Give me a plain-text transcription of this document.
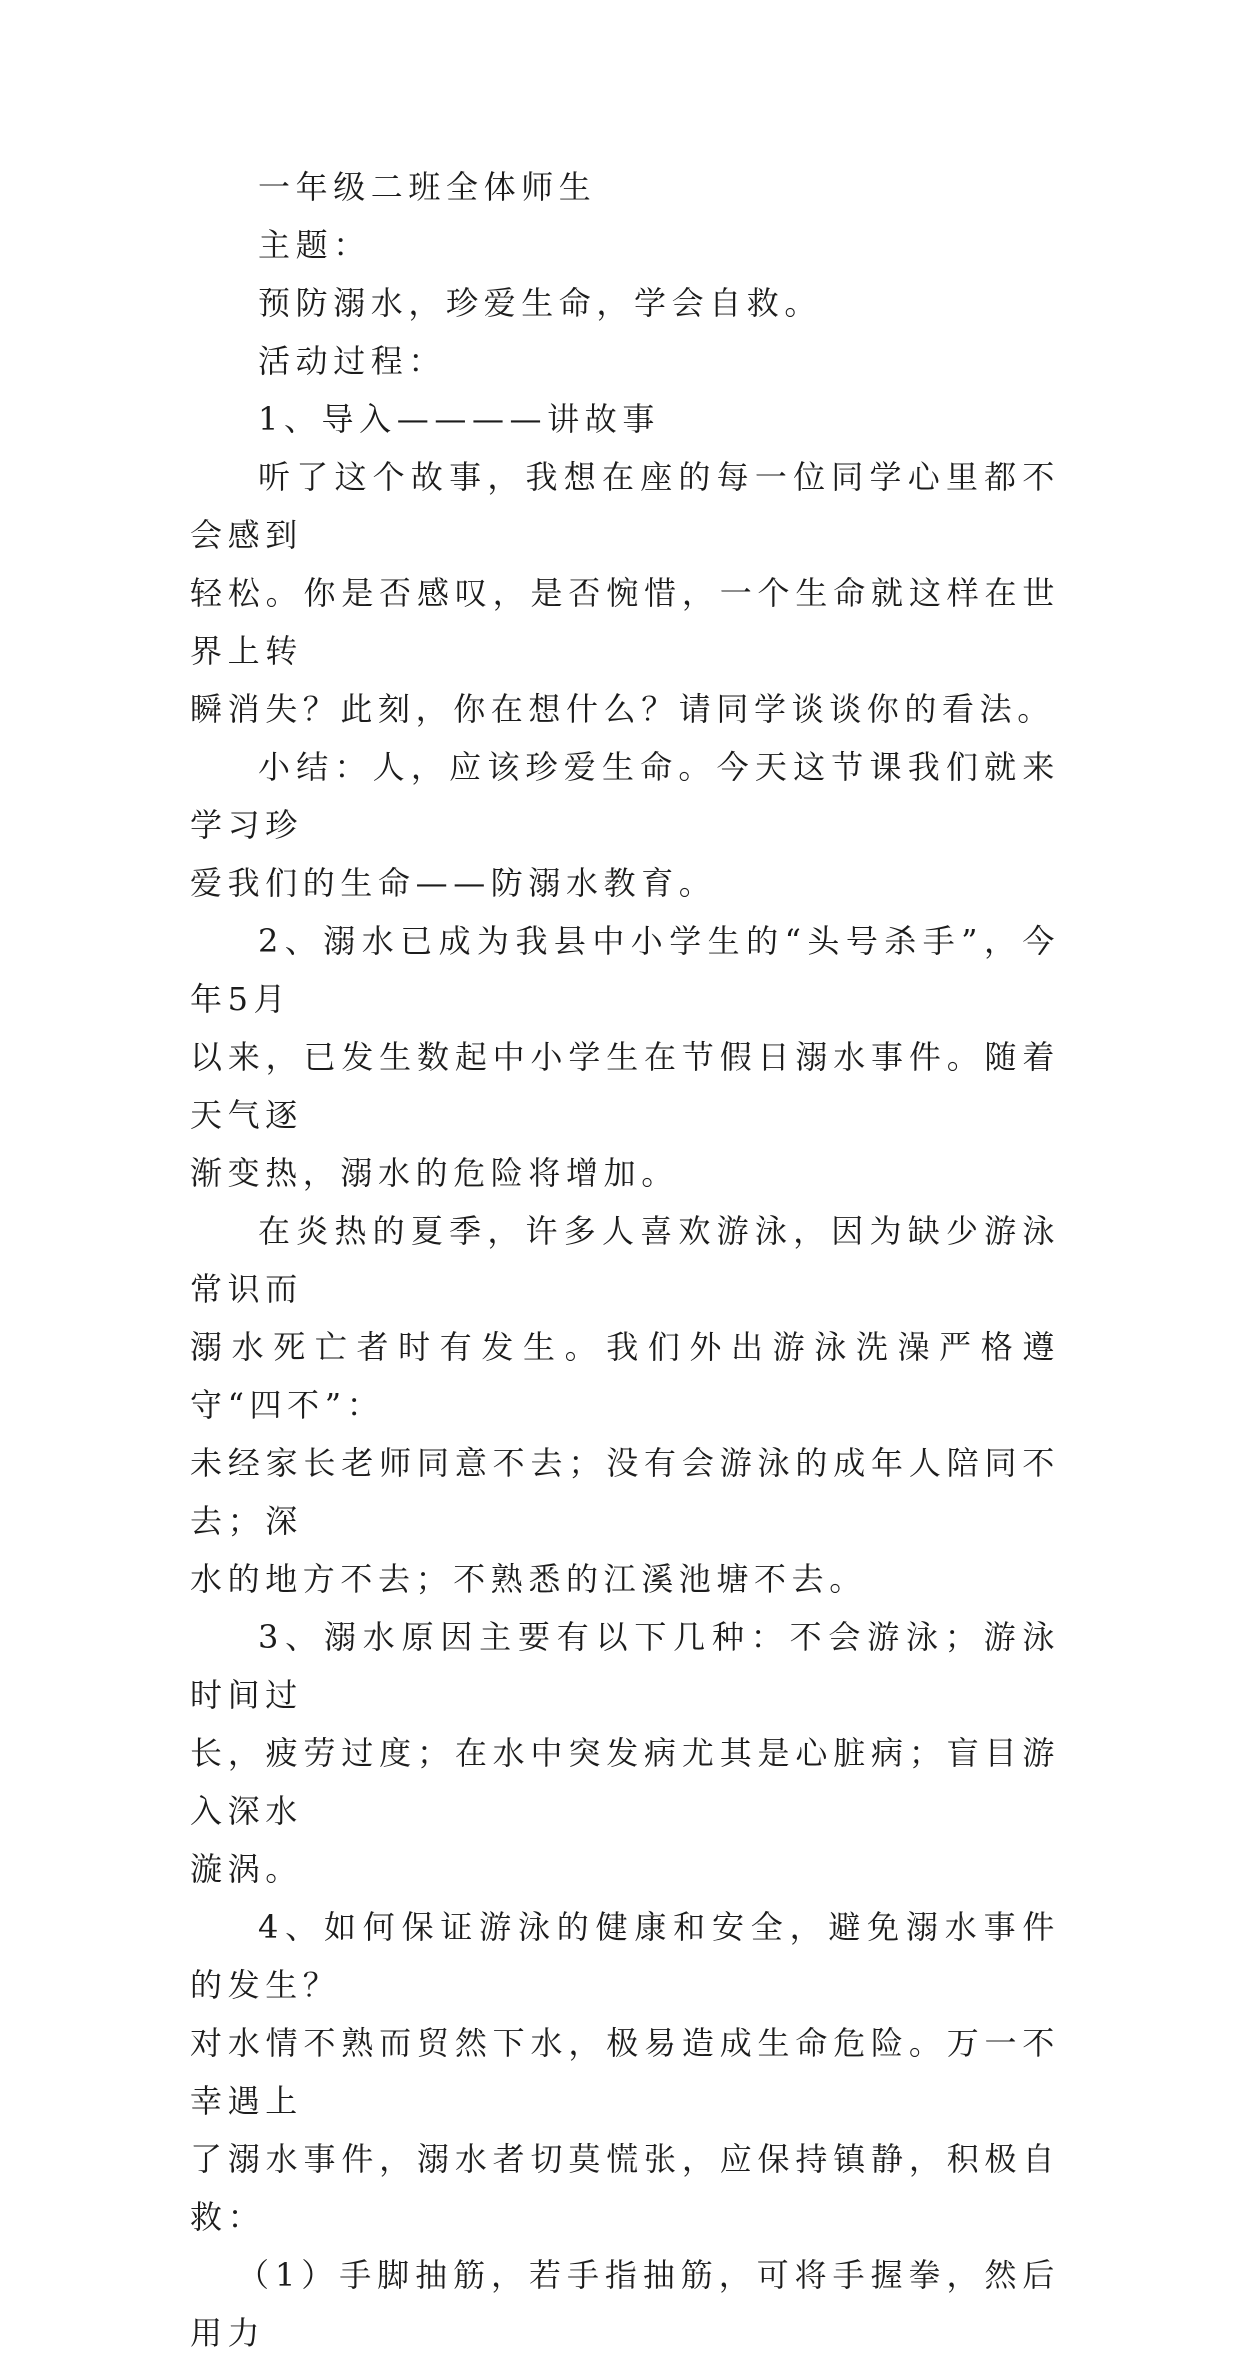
一年级二班全体师生

主题：

预防溺水，珍爱生命，学会自救。

活动过程：

1、导入————讲故事

听了这个故事，我想在座的每一位同学心里都不会感到
轻松。你是否感叹，是否惋惜，一个生命就这样在世界上转
瞬消失？此刻，你在想什么？请同学谈谈你的看法。

小结：人，应该珍爱生命。今天这节课我们就来学习珍
爱我们的生命——防溺水教育。

2、溺水已成为我县中小学生的“头号杀手”，今年5月
以来，已发生数起中小学生在节假日溺水事件。随着天气逐
渐变热，溺水的危险将增加。

在炎热的夏季，许多人喜欢游泳，因为缺少游泳常识而
溺水死亡者时有发生。我们外出游泳洗澡严格遵守“四不”：
未经家长老师同意不去；没有会游泳的成年人陪同不去；深
水的地方不去；不熟悉的江溪池塘不去。

3、溺水原因主要有以下几种：不会游泳；游泳时间过
长，疲劳过度；在水中突发病尤其是心脏病；盲目游入深水
漩涡。

4、如何保证游泳的健康和安全，避免溺水事件的发生？
对水情不熟而贸然下水，极易造成生命危险。万一不幸遇上
了溺水事件，溺水者切莫慌张，应保持镇静，积极自救：

（1）手脚抽筋，若手指抽筋，可将手握拳，然后用力
